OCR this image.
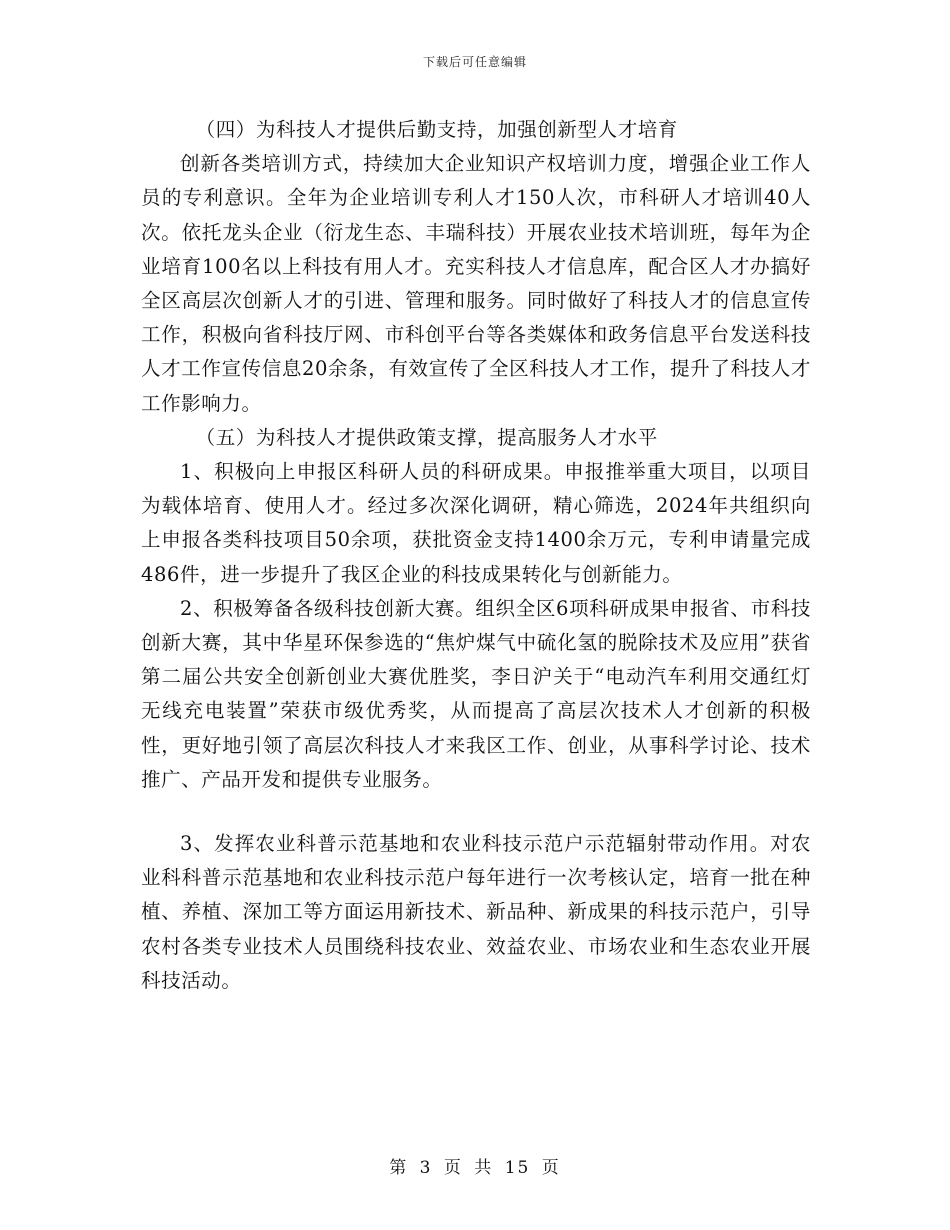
下载后可任意编辑

（四）为科技人才提供后勤支持，加强创新型人才培育

创新各类培训方式，持续加大企业知识产权培训力度，增强企业工作人员的专利意识。全年为企业培训专利人才150人次，市科研人才培训40人次。依托龙头企业（衍龙生态、丰瑞科技）开展农业技术培训班，每年为企业培育100名以上科技有用人才。充实科技人才信息库，配合区人才办搞好全区高层次创新人才的引进、管理和服务。同时做好了科技人才的信息宣传工作，积极向省科技厅网、市科创平台等各类媒体和政务信息平台发送科技人才工作宣传信息20余条，有效宣传了全区科技人才工作，提升了科技人才工作影响力。

（五）为科技人才提供政策支撑，提高服务人才水平

1、积极向上申报区科研人员的科研成果。申报推举重大项目，以项目为载体培育、使用人才。经过多次深化调研，精心筛选，2024年共组织向上申报各类科技项目50余项，获批资金支持1400余万元，专利申请量完成486件，进一步提升了我区企业的科技成果转化与创新能力。

2、积极筹备各级科技创新大赛。组织全区6项科研成果申报省、市科技创新大赛，其中华星环保参选的“焦炉煤气中硫化氢的脱除技术及应用”获省第二届公共安全创新创业大赛优胜奖，李日沪关于“电动汽车利用交通红灯无线充电装置”荣获市级优秀奖，从而提高了高层次技术人才创新的积极性，更好地引领了高层次科技人才来我区工作、创业，从事科学讨论、技术推广、产品开发和提供专业服务。

3、发挥农业科普示范基地和农业科技示范户示范辐射带动作用。对农业科科普示范基地和农业科技示范户每年进行一次考核认定，培育一批在种植、养植、深加工等方面运用新技术、新品种、新成果的科技示范户，引导农村各类专业技术人员围绕科技农业、效益农业、市场农业和生态农业开展科技活动。

第 3 页 共 15 页
